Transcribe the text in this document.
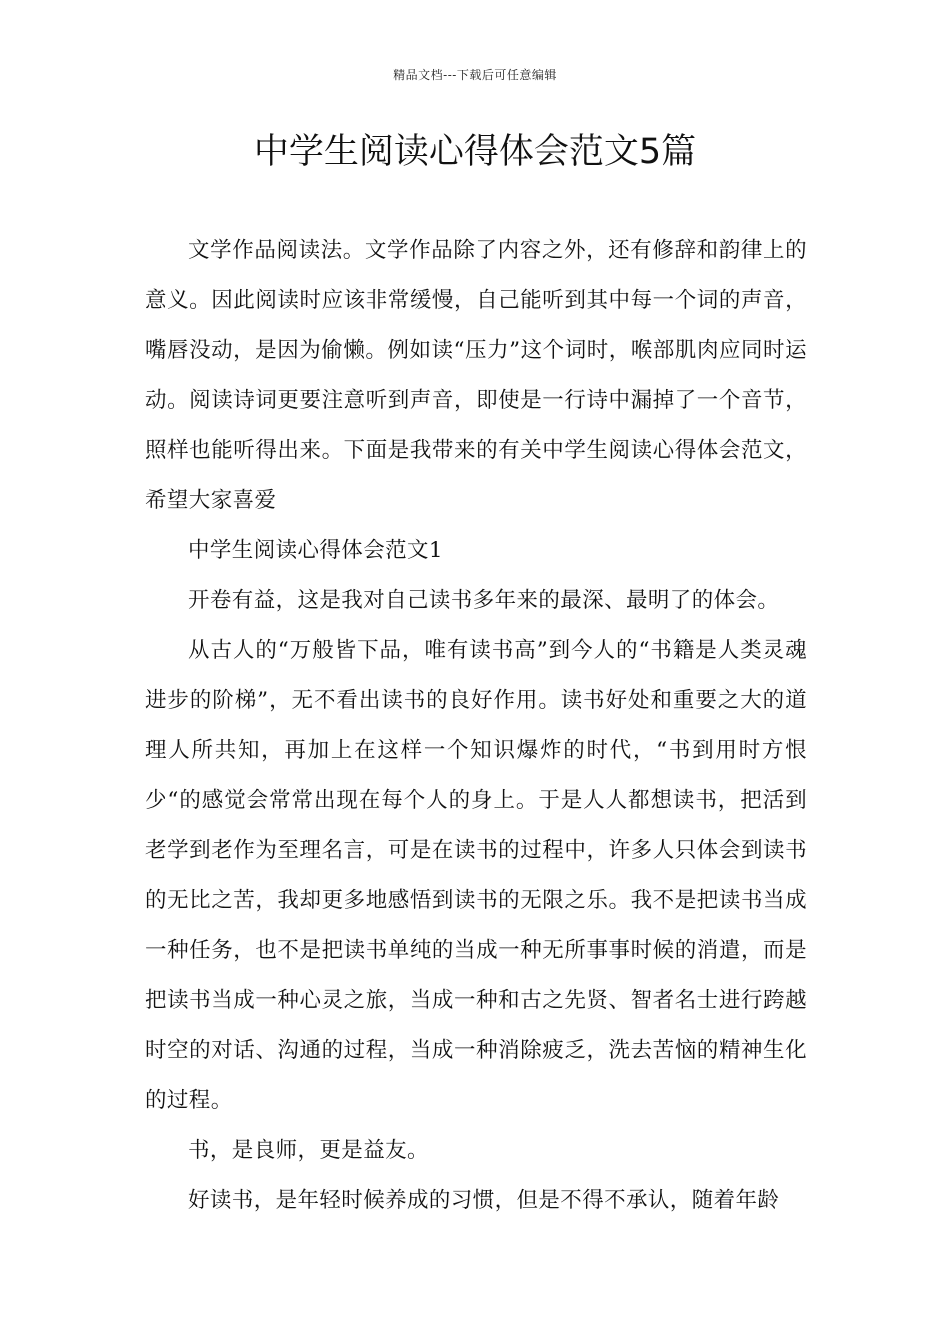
精品文档---下载后可任意编辑
中学生阅读心得体会范文5篇

文学作品阅读法。文学作品除了内容之外，还有修辞和韵律上的意义。因此阅读时应该非常缓慢，自己能听到其中每一个词的声音，嘴唇没动，是因为偷懒。例如读“压力”这个词时，喉部肌肉应同时运动。阅读诗词更要注意听到声音，即使是一行诗中漏掉了一个音节，照样也能听得出来。下面是我带来的有关中学生阅读心得体会范文，希望大家喜爱

中学生阅读心得体会范文1

开卷有益，这是我对自己读书多年来的最深、最明了的体会。

从古人的“万般皆下品，唯有读书高”到今人的“书籍是人类灵魂进步的阶梯”，无不看出读书的良好作用。读书好处和重要之大的道理人所共知，再加上在这样一个知识爆炸的时代，“书到用时方恨少“的感觉会常常出现在每个人的身上。于是人人都想读书，把活到老学到老作为至理名言，可是在读书的过程中，许多人只体会到读书的无比之苦，我却更多地感悟到读书的无限之乐。我不是把读书当成一种任务，也不是把读书单纯的当成一种无所事事时候的消遣，而是把读书当成一种心灵之旅，当成一种和古之先贤、智者名士进行跨越时空的对话、沟通的过程，当成一种消除疲乏，洗去苦恼的精神生化的过程。

书，是良师，更是益友。

好读书，是年轻时候养成的习惯，但是不得不承认，随着年龄
